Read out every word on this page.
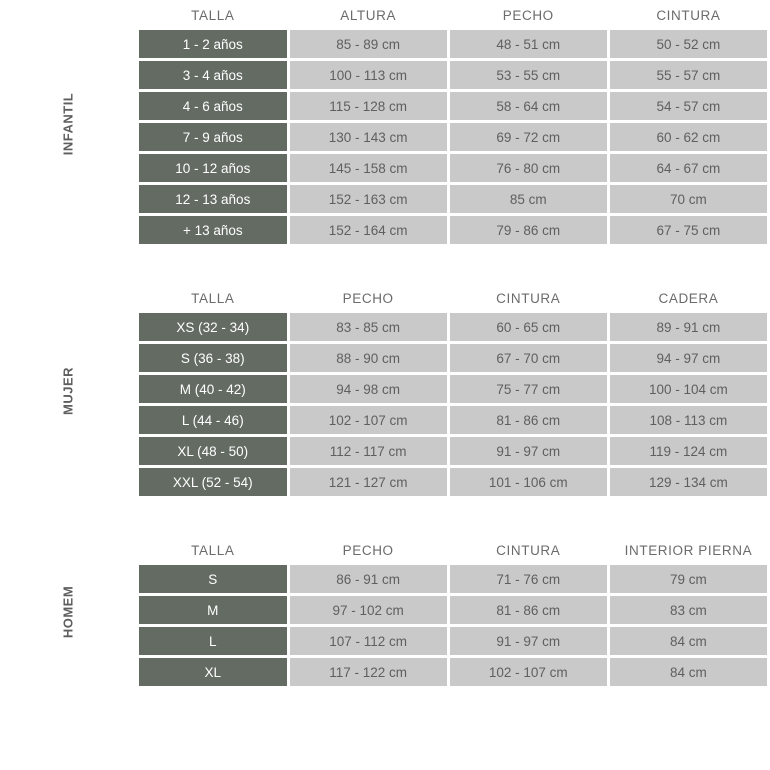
INFANTIL
TALLA	ALTURA	PECHO	CINTURA
1 - 2 años	85 - 89 cm	48 - 51 cm	50 - 52 cm
3 - 4 años	100 - 113 cm	53 - 55 cm	55 - 57 cm
4 - 6 años	115 - 128 cm	58 - 64 cm	54 - 57 cm
7 - 9 años	130 - 143 cm	69 - 72 cm	60 - 62 cm
10 - 12 años	145 - 158 cm	76 - 80 cm	64 - 67 cm
12 - 13 años	152 - 163 cm	85 cm	70 cm
+ 13 años	152 - 164 cm	79 - 86 cm	67 - 75 cm
MUJER
TALLA	PECHO	CINTURA	CADERA
XS (32 - 34)	83 - 85 cm	60 - 65 cm	89 - 91 cm
S (36 - 38)	88 - 90 cm	67 - 70 cm	94 - 97 cm
M (40 - 42)	94 - 98 cm	75 - 77 cm	100 - 104 cm
L (44 - 46)	102 - 107 cm	81 - 86 cm	108 - 113 cm
XL (48 - 50)	112 - 117 cm	91 - 97 cm	119 - 124 cm
XXL (52 - 54)	121 - 127 cm	101 - 106 cm	129 - 134 cm
HOMEM
TALLA	PECHO	CINTURA	INTERIOR PIERNA
S	86 - 91 cm	71 - 76 cm	79 cm
M	97 - 102 cm	81 - 86 cm	83 cm
L	107 - 112 cm	91 - 97 cm	84 cm
XL	117 - 122 cm	102 - 107 cm	84 cm
